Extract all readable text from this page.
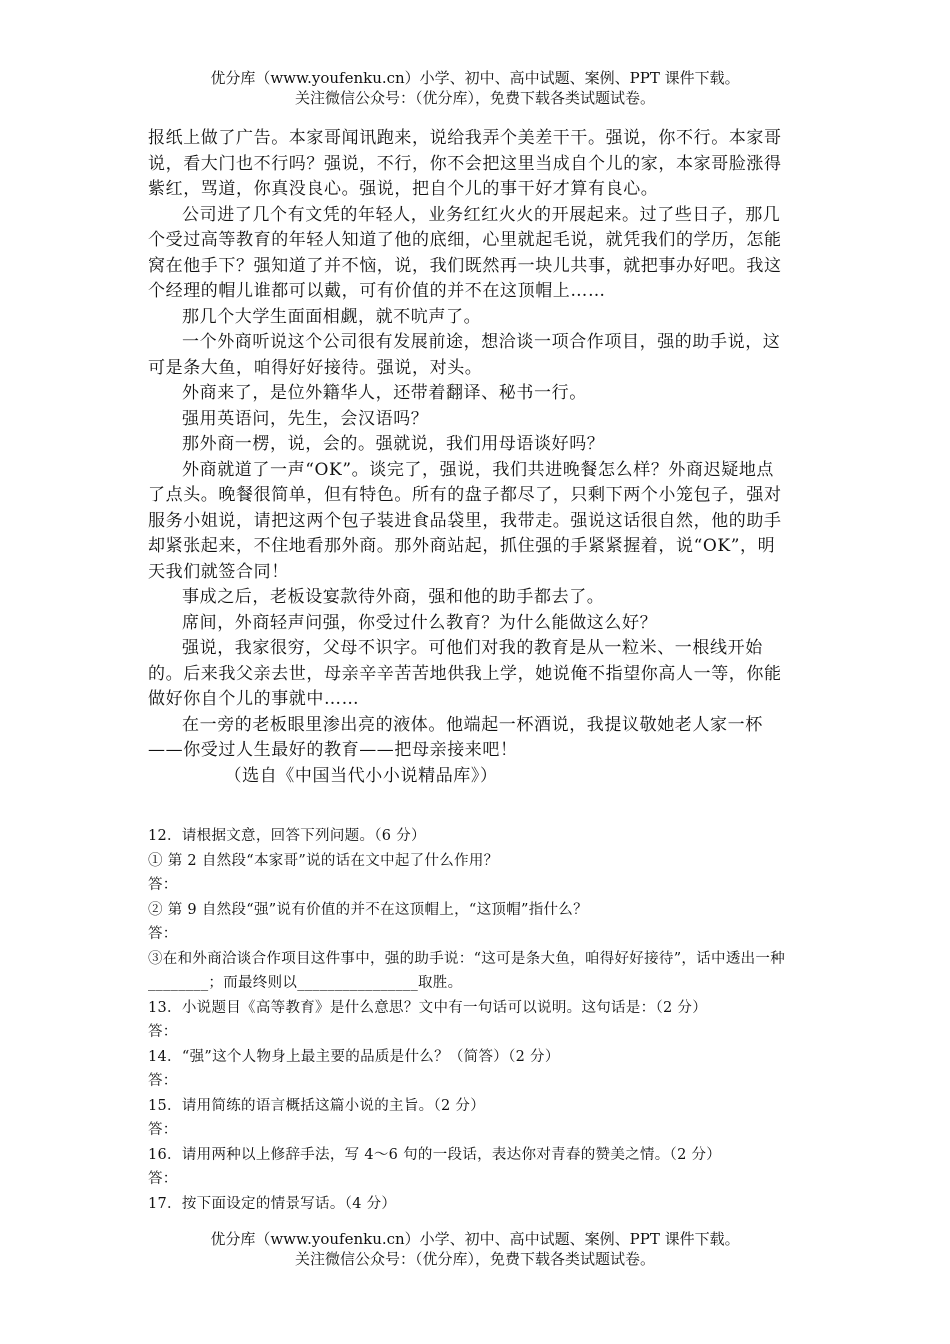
优分库（www.youfenku.cn）小学、初中、高中试题、案例、PPT 课件下载。
关注微信公众号：（优分库），免费下载各类试题试卷。

报纸上做了广告。本家哥闻讯跑来，说给我弄个美差干干。强说，你不行。本家哥说，看大门也不行吗？强说，不行，你不会把这里当成自个儿的家，本家哥脸涨得紫红，骂道，你真没良心。强说，把自个儿的事干好才算有良心。

公司进了几个有文凭的年轻人，业务红红火火的开展起来。过了些日子，那几个受过高等教育的年轻人知道了他的底细，心里就起毛说，就凭我们的学历，怎能窝在他手下？强知道了并不恼，说，我们既然再一块儿共事，就把事办好吧。我这个经理的帽儿谁都可以戴，可有价值的并不在这顶帽上……

那几个大学生面面相觑，就不吭声了。

一个外商听说这个公司很有发展前途，想洽谈一项合作项目，强的助手说，这可是条大鱼，咱得好好接待。强说，对头。

外商来了，是位外籍华人，还带着翻译、秘书一行。

强用英语问，先生，会汉语吗？

那外商一楞，说，会的。强就说，我们用母语谈好吗？

外商就道了一声“OK”。谈完了，强说，我们共进晚餐怎么样？外商迟疑地点了点头。晚餐很简单，但有特色。所有的盘子都尽了，只剩下两个小笼包子，强对服务小姐说，请把这两个包子装进食品袋里，我带走。强说这话很自然，他的助手却紧张起来，不住地看那外商。那外商站起，抓住强的手紧紧握着，说“OK”，明天我们就签合同！

事成之后，老板设宴款待外商，强和他的助手都去了。

席间，外商轻声问强，你受过什么教育？为什么能做这么好？

强说，我家很穷，父母不识字。可他们对我的教育是从一粒米、一根线开始的。后来我父亲去世，母亲辛辛苦苦地供我上学，她说俺不指望你高人一等，你能做好你自个儿的事就中……

在一旁的老板眼里渗出亮的液体。他端起一杯酒说，我提议敬她老人家一杯——你受过人生最好的教育——把母亲接来吧！

（选自《中国当代小小说精品库》）

12．请根据文意，回答下列问题。（6 分）

① 第 2 自然段“本家哥”说的话在文中起了什么作用？

答：

② 第 9 自然段“强”说有价值的并不在这顶帽上，“这顶帽”指什么？

答：

③在和外商洽谈合作项目这件事中，强的助手说：“这可是条大鱼，咱得好好接待”，话中透出一种________；而最终则以________________取胜。

13．小说题目《高等教育》是什么意思？文中有一句话可以说明。这句话是：（2 分）

答：

14．“强”这个人物身上最主要的品质是什么？（简答）（2 分）

答：

15．请用简练的语言概括这篇小说的主旨。（2 分）

答：

16．请用两种以上修辞手法，写 4～6 句的一段话，表达你对青春的赞美之情。（2 分）

答：

17．按下面设定的情景写话。（4 分）

优分库（www.youfenku.cn）小学、初中、高中试题、案例、PPT 课件下载。
关注微信公众号：（优分库），免费下载各类试题试卷。
